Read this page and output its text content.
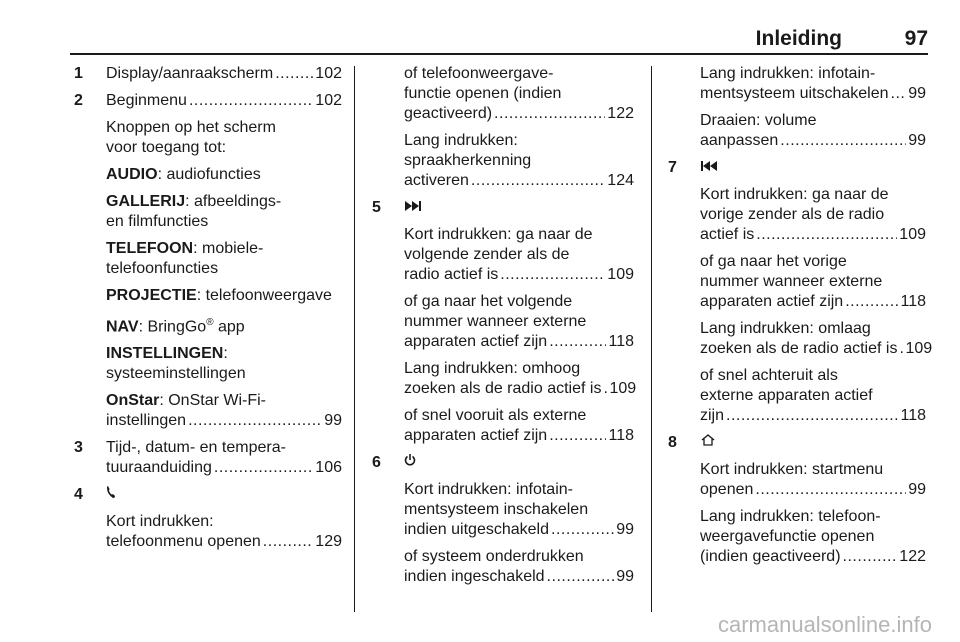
Inleiding	97
1	Display/aanraakscherm .....	102
2	Beginmenu .....	102
Knoppen op het scherm
voor toegang tot:
AUDIO: audiofuncties
GALLERIJ: afbeeldings-
en filmfuncties
TELEFOON: mobiele-
telefoonfuncties
PROJECTIE: telefoonweergave
NAV: BringGo® app
INSTELLINGEN:
systeeminstellingen
OnStar: OnStar Wi-Fi-
instellingen .....	99
3	Tijd-, datum- en tempera-
tuuraanduiding .....	106
4
Kort indrukken:
telefoonmenu openen .....	129
of telefoonweergave-
functie openen (indien
geactiveerd) .....	122
Lang indrukken:
spraakherkenning
activeren .....	124
5
Kort indrukken: ga naar de
volgende zender als de
radio actief is .....	109
of ga naar het volgende
nummer wanneer externe
apparaten actief zijn .....	118
Lang indrukken: omhoog
zoeken als de radio actief is ..... 109
of snel vooruit als externe
apparaten actief zijn .....	118
6
Kort indrukken: infotain-
mentsysteem inschakelen
indien uitgeschakeld .....	99
of systeem onderdrukken
indien ingeschakeld .....	99
Lang indrukken: infotain-
mentsysteem uitschakelen ..... 99
Draaien: volume
aanpassen .....	99
7
Kort indrukken: ga naar de
vorige zender als de radio
actief is .....	109
of ga naar het vorige
nummer wanneer externe
apparaten actief zijn .....	118
Lang indrukken: omlaag
zoeken als de radio actief is ..... 109
of snel achteruit als
externe apparaten actief
zijn .....	118
8
Kort indrukken: startmenu
openen .....	99
Lang indrukken: telefoon-
weergavefunctie openen
(indien geactiveerd) .....	122
carmanualsonline.info
